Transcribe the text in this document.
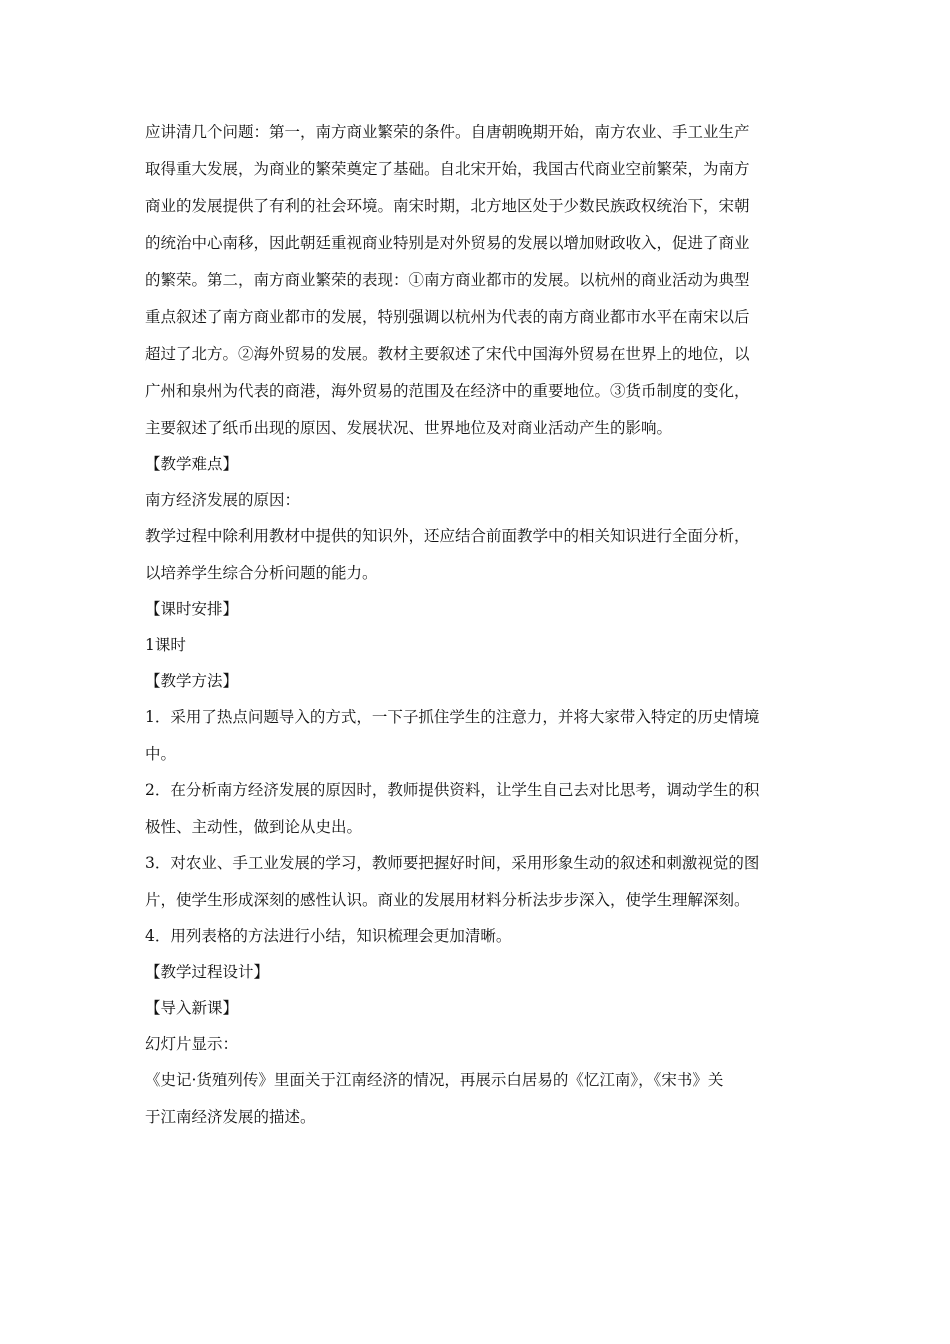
应讲清几个问题：第一，南方商业繁荣的条件。自唐朝晚期开始，南方农业、手工业生产
取得重大发展，为商业的繁荣奠定了基础。自北宋开始，我国古代商业空前繁荣，为南方
商业的发展提供了有利的社会环境。南宋时期，北方地区处于少数民族政权统治下，宋朝
的统治中心南移，因此朝廷重视商业特别是对外贸易的发展以增加财政收入，促进了商业
的繁荣。第二，南方商业繁荣的表现：①南方商业都市的发展。以杭州的商业活动为典型
重点叙述了南方商业都市的发展，特别强调以杭州为代表的南方商业都市水平在南宋以后
超过了北方。②海外贸易的发展。教材主要叙述了宋代中国海外贸易在世界上的地位，以
广州和泉州为代表的商港，海外贸易的范围及在经济中的重要地位。③货币制度的变化，
主要叙述了纸币出现的原因、发展状况、世界地位及对商业活动产生的影响。
【教学难点】
南方经济发展的原因：
教学过程中除利用教材中提供的知识外，还应结合前面教学中的相关知识进行全面分析，
以培养学生综合分析问题的能力。
【课时安排】
1课时
【教学方法】
1．采用了热点问题导入的方式，一下子抓住学生的注意力，并将大家带入特定的历史情境
中。
2．在分析南方经济发展的原因时，教师提供资料，让学生自己去对比思考，调动学生的积
极性、主动性，做到论从史出。
3．对农业、手工业发展的学习，教师要把握好时间，采用形象生动的叙述和刺激视觉的图
片，使学生形成深刻的感性认识。商业的发展用材料分析法步步深入，使学生理解深刻。
4．用列表格的方法进行小结，知识梳理会更加清晰。
【教学过程设计】
【导入新课】
幻灯片显示：
《史记·货殖列传》里面关于江南经济的情况，再展示白居易的《忆江南》，《宋书》关
于江南经济发展的描述。
